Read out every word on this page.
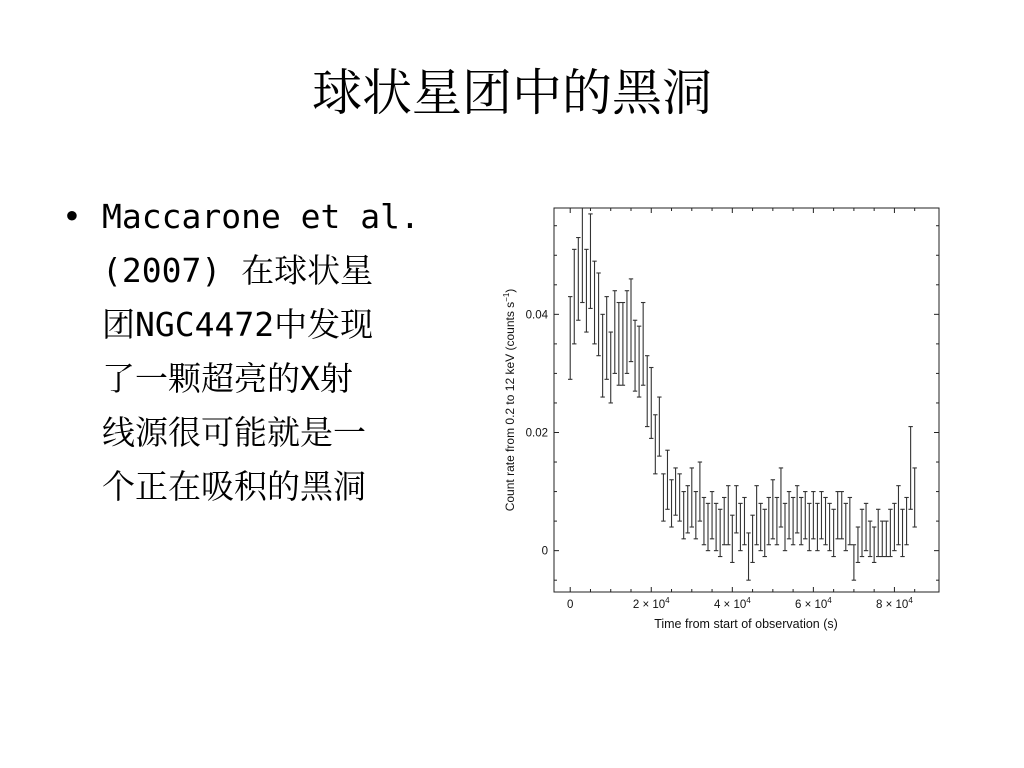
球状星团中的黑洞
• Maccarone et al.
(2007) 在球状星
团NGC4472中发现
了一颗超亮的X射
线源很可能就是一
个正在吸积的黑洞
0	$2 \times 10^4$	$4 \times 10^4$	$6 \times 10^4$	$8 \times 10^4$
0
0.02
0.04
Time from start of observation (s)
Count rate from 0.2 to 12 keV (counts $s^{-1}$)
